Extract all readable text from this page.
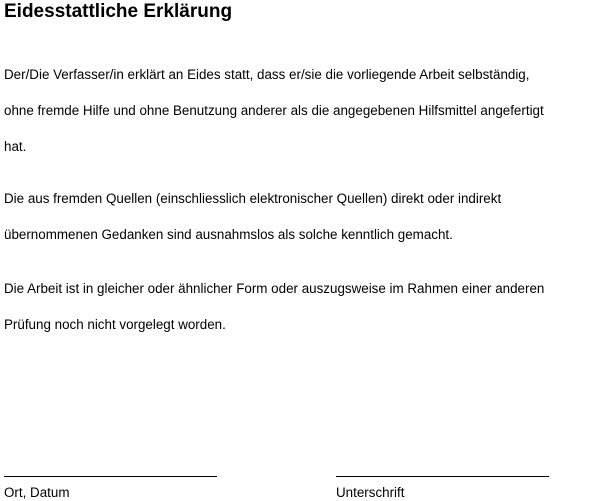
Eidesstattliche Erklärung

Der/Die Verfasser/in erklärt an Eides statt, dass er/sie die vorliegende Arbeit selbständig,
ohne fremde Hilfe und ohne Benutzung anderer als die angegebenen Hilfsmittel angefertigt
hat.

Die aus fremden Quellen (einschliesslich elektronischer Quellen) direkt oder indirekt
übernommenen Gedanken sind ausnahmslos als solche kenntlich gemacht.

Die Arbeit ist in gleicher oder ähnlicher Form oder auszugsweise im Rahmen einer anderen
Prüfung noch nicht vorgelegt worden.

Ort, Datum	Unterschrift
